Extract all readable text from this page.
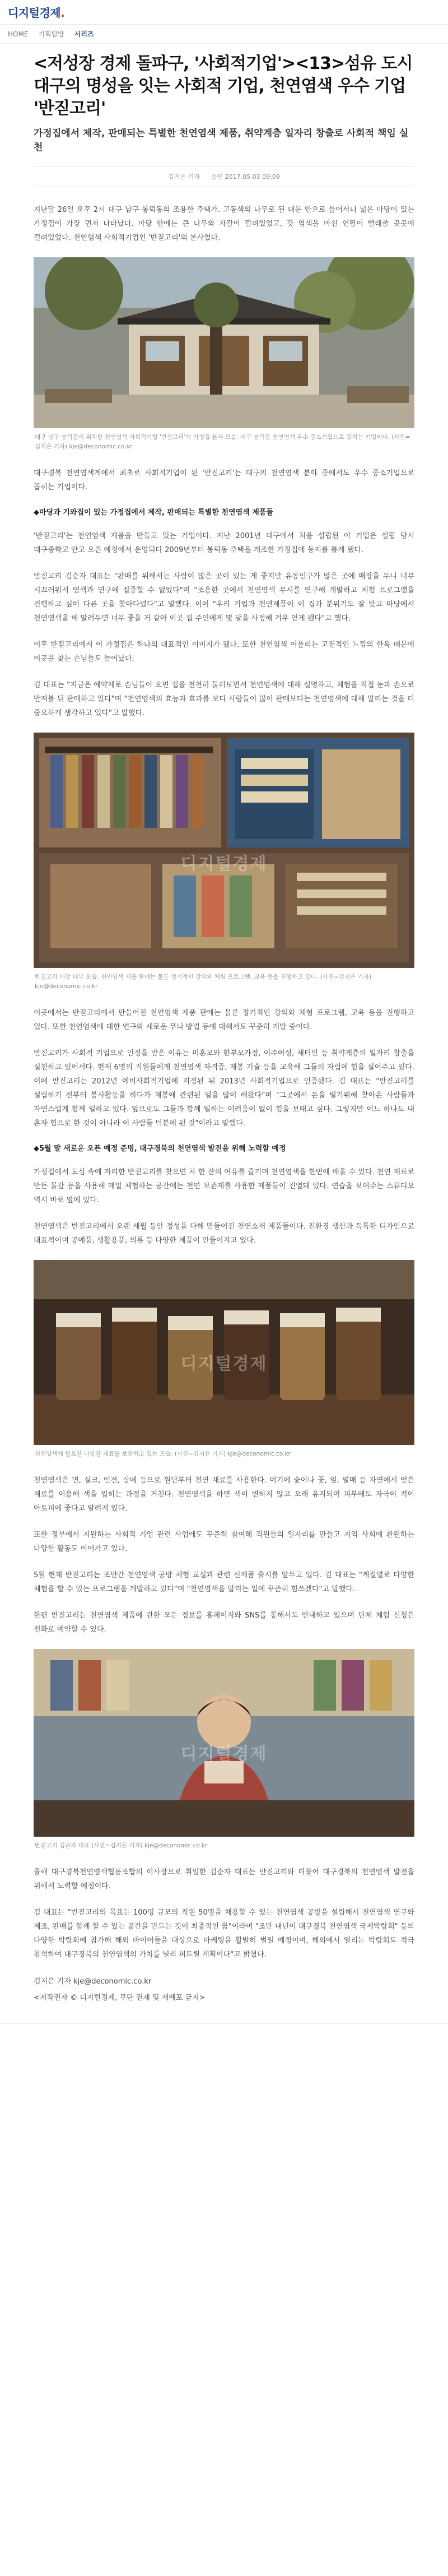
디지털경제.
HOME 기획탐방 시리즈
<저성장 경제 돌파구, '사회적기업'><13>섬유 도시 대구의 명성을 잇는 사회적 기업, 천연염색 우수 기업 '반짇고리'
가정집에서 제작, 판매되는 특별한 천연염색 제품, 취약계층 일자리 창출로 사회적 책임 실천
김지은 기자 승인 2017.05.03 09:09

지난달 26일 오후 2시 대구 남구 봉덕동의 조용한 주택가. 고동색의 나무로 된 대문 안으로 들어서니 넓은 마당이 있는 가정집이 가장 먼저 나타났다. 마당 안에는 큰 나무와 자갈이 깔려있었고, 갓 염색을 마친 연필이 빨래줄 곳곳에 걸려있었다. 천연염색 사회적기업인 '반짇고리'의 본사였다.

대구 남구 봉덕동에 위치한 천연염색 사회적기업 '반짇고리'의 가정집 본사 모습. 대구 봉덕동 천연염색 우수 중소기업으로 꼽히는 기업이다. (사진=김지은 기자) kje@deconomic.co.kr

대구경북 천연염색계에서 최초로 사회적기업이 된 '반짇고리'는 대구의 천연염색 분야 중에서도 우수 중소기업으로 꼽히는 기업이다.

◆마당과 기와집이 있는 가정집에서 제작, 판매되는 특별한 천연염색 제품들

'반짇고리'는 천연염색 제품을 만들고 있는 기업이다. 지난 2001년 대구에서 처음 설립된 이 기업은 설립 당시 대구종학교 안고 오픈 예정에서 운영되다 2009년부터 봉덕동 주택을 개조한 가정집에 둥지를 틀게 됐다.

반짇고리 김순자 대표는 "판매를 위해서는 사람이 많은 곳이 있는 게 좋지만 유동인구가 많은 곳에 매장을 두니 너무 시끄러워서 염색과 연구에 집중할 수 없었다"며 "조용한 곳에서 천연염색 무시를 연구해 개발하고 체험 프로그램을 진행하고 싶어 다른 곳을 찾아다녔다"고 말했다. 이어 "우리 기업과 천연제품이 이 집과 분위기도 잘 맞고 마당에서 천연염색을 해 말려두면 너무 좋을 거 같아 이곳 집 주인에게 몇 달을 사정해 겨우 얻게 됐다"고 했다.

이후 반짇고리에서 이 가정집은 하나의 대표적인 이미지가 됐다. 또한 천연염색 어울리는 고전적인 느낌의 한옥 때문에 이곳을 찾는 손님들도 늘어났다.

김 대표는 "지금은 예약제로 손님들이 오면 집을 천천히 둘러보면서 천연염색에 대해 설명하고, 체험을 직접 눈과 손으로 만져볼 뒤 판매하고 있다"며 "천연염색의 효능과 효과를 보다 사람들이 많이 판매보다는 천연염색에 대해 알리는 것을 더 중요하게 생각하고 있다"고 말했다.

디지털경제
반짇고리 매장 내부 모습. 천연염색 제품 판매는 물론 정기적인 강의와 체험 프로그램, 교육 등을 진행하고 있다. (사진=김지은 기자) kje@deconomic.co.kr

이곳에서는 반짇고리에서 만들어진 천연염색 제품 판매는 물론 정기적인 강의와 체험 프로그램, 교육 등을 진행하고 있다. 또한 천연염색에 대한 연구와 새로운 무늬 방법 등에 대해서도 꾸준히 개발 중이다.

반짇고리가 사회적 기업으로 인정을 받은 이유는 미혼모와 한부모가정, 이주여성, 새터민 등 취약계층의 일자리 창출을 실천하고 있어서다. 현재 6명의 직원들에게 천연염색 자격증, 재봉 기술 등을 교육해 그들의 자립에 힘을 실어주고 있다. 이에 반짇고리는 2012년 예비사회적기업에 지정된 뒤 2013년 사회적기업으로 인증됐다. 김 대표는 "반짇고리를 설립하기 전부터 봉사활동을 하다가 재봉에 관련된 일을 많이 해왔다"며 "그곳에서 돈을 벌기위해 찾아온 사람들과 자연스럽게 함께 일하고 있다. 앞으로도 그들과 함께 일하는 어려움이 없이 힘을 보태고 싶다. 그렇지만 어느 하나도 내 혼자 힘으로 한 것이 아니라 이 사람들 덕분에 된 것"이라고 말했다.

◆5월 말 새로운 오픈 예정 준명, 대구경북의 천연염색 발전을 위해 노력할 예정

가정집에서 도심 속에 자리한 반짇고리를 찾으면 차 한 잔의 여유를 즐기며 천연염색을 한번에 배울 수 있다. 천연 재료로 만든 물감 등을 사용해 매일 체험하는 공간에는 천연 보존제를 사용한 제품들이 진열돼 있다. 연습을 보여주는 스튜디오 역시 바로 옆에 있다.

천연염색은 반짇고리에서 오랜 세월 동안 정성을 다해 만들어진 천연소재 제품들이다. 친환경 생산과 독특한 디자인으로 대표적이며 공예품, 생활용품, 의류 등 다양한 제품이 만들어지고 있다.

디지털경제
천연염색에 필요한 다양한 재료를 보관하고 있는 모습. (사진=김지은 기자) kje@deconomic.co.kr

천연염색은 면, 실크, 인견, 삼베 등으로 원단부터 천연 재료를 사용한다. 여기에 숯이나 꽃, 잎, 열매 등 자연에서 얻은 재료를 이용해 색을 입히는 과정을 거친다. 천연염색을 하면 색이 변하지 않고 오래 유지되며 피부에도 자극이 적어 아토피에 좋다고 알려져 있다.

또한 정부에서 지원하는 사회적 기업 관련 사업에도 꾸준히 참여해 직원들의 일자리를 만들고 지역 사회에 환원하는 다양한 활동도 이어가고 있다.

5월 현재 반짇고리는 조만간 천연염색 공방 체험 교실과 관련 신제품 출시를 앞두고 있다. 김 대표는 "계절별로 다양한 체험을 할 수 있는 프로그램을 개발하고 있다"며 "천연염색을 알리는 일에 꾸준히 힘쓰겠다"고 말했다.

한편 반짇고리는 천연염색 제품에 관한 모든 정보를 홈페이지와 SNS를 통해서도 안내하고 있으며 단체 체험 신청은 전화로 예약할 수 있다.

디지털경제
반짇고리 김순자 대표 (사진=김지은 기자) kje@deconomic.co.kr

올해 대구경북천연염색협동조합의 이사장으로 취임한 김순자 대표는 반짇고리와 더불어 대구경북의 천연염색 발전을 위해서 노력할 예정이다.

김 대표는 "반짇고리의 목표는 100명 규모의 직원 50명을 채용할 수 있는 천연염색 공방을 설립해서 천연염색 연구와 제조, 판매를 함께 할 수 있는 공간을 만드는 것이 최종적인 꿈"이라며 "조만 내년이 대구경북 천연염색 국제박람회" 등의 다양한 박람회에 참가해 해외 바이어들을 대상으로 마케팅을 활발히 벌일 예정이며, 해외에서 열리는 박람회도 적극 참석하여 대구경북의 천연염색의 가치를 널리 퍼트릴 계획이다"고 밝혔다.

김지은 기자 kje@deconomic.co.kr
<저작권자 © 디지털경제, 무단 전재 및 재배포 금지>
